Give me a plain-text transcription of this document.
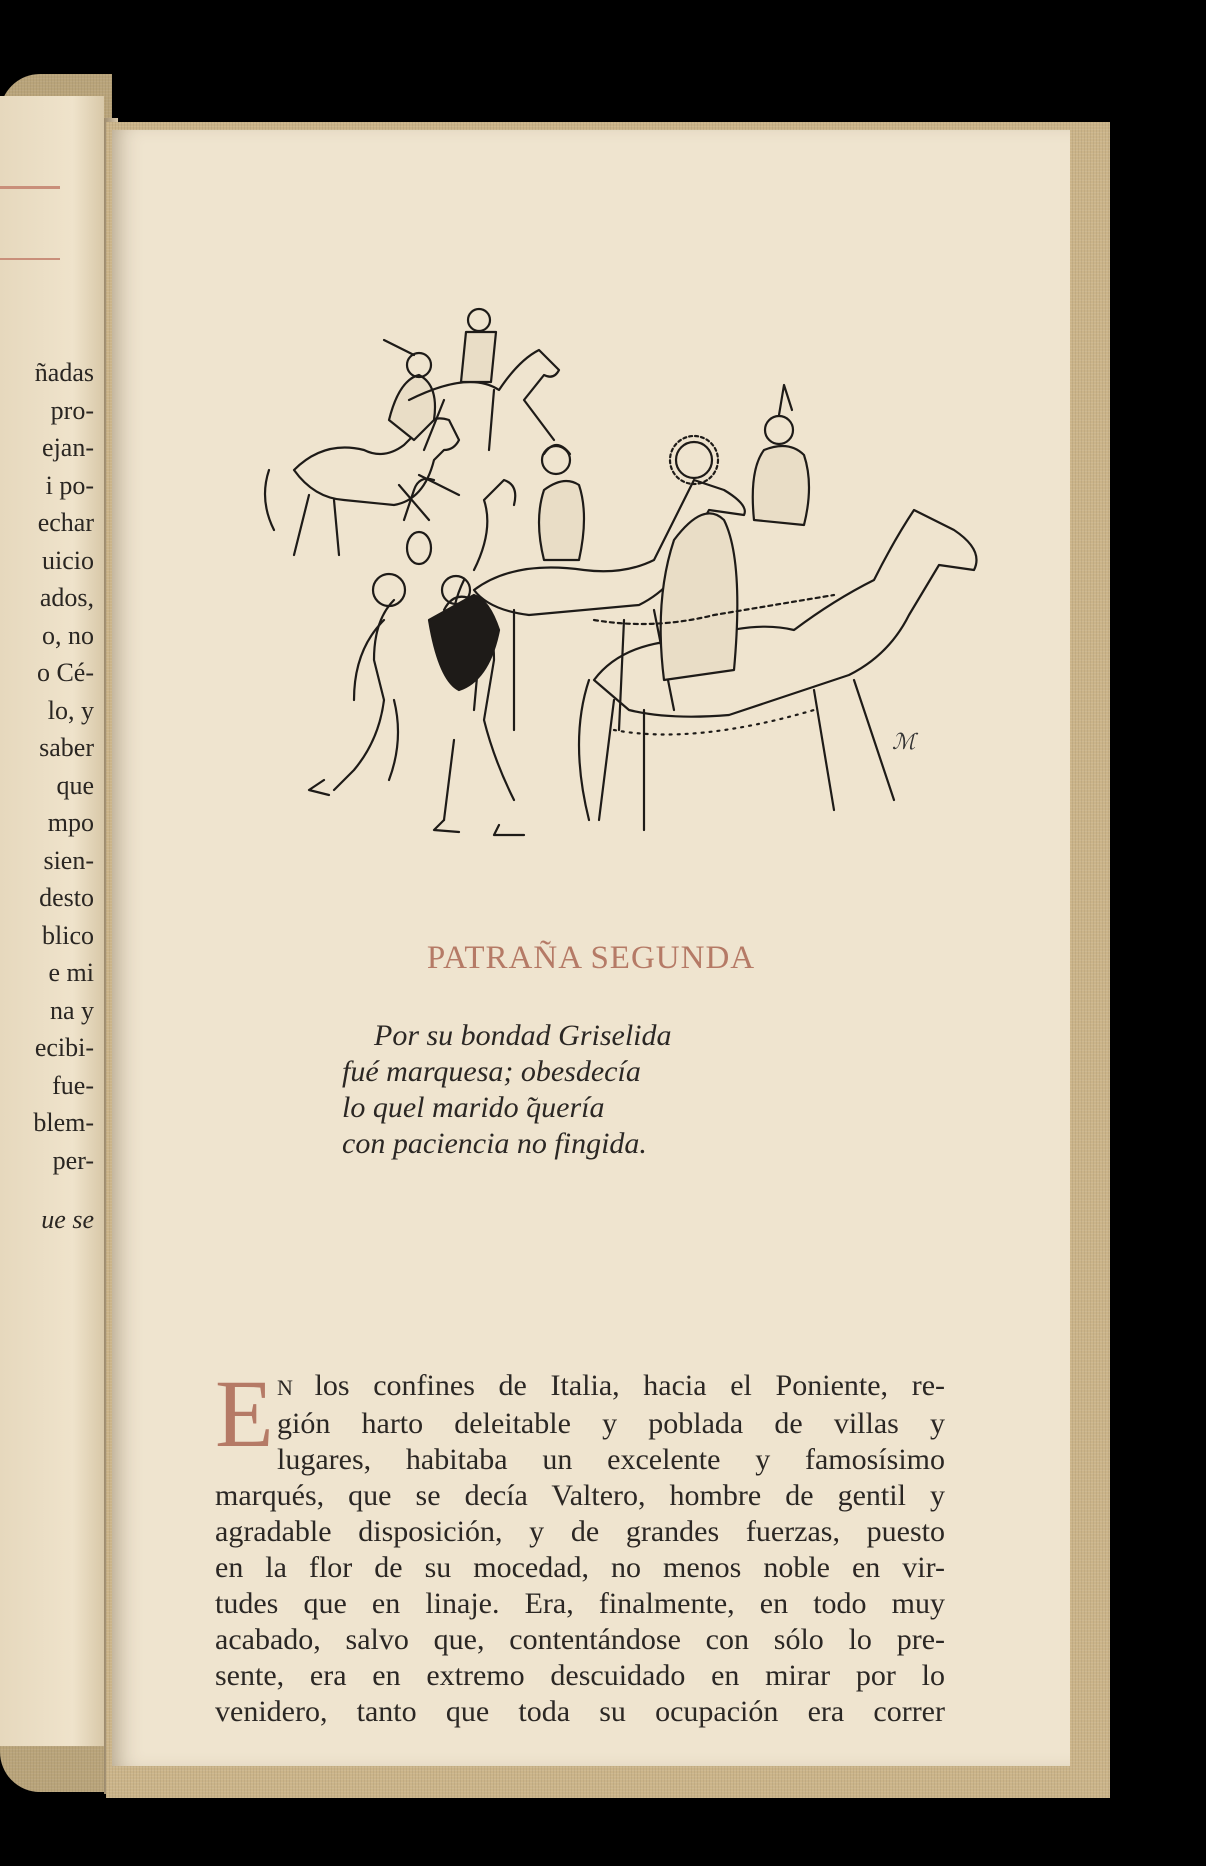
ñadas
pro-
ejan-
i po-
echar
uicio
ados,
o, no
o Cé-
lo, y
saber
que
mpo
sien-
desto
blico
e mi
na y
ecibi-
fue-
blem-
per-
ue se
ℳ
PATRAÑA SEGUNDA
Por su bondad Griselida
fué marquesa; obesdecía
lo quel marido ̃quería
con paciencia no fingida.
E N los confines de Italia, hacia el Poniente, re-
gión harto deleitable y poblada de villas y
lugares, habitaba un excelente y famosísimo
marqués, que se decía Valtero, hombre de gentil y
agradable disposición, y de grandes fuerzas, puesto
en la flor de su mocedad, no menos noble en vir-
tudes que en linaje. Era, finalmente, en todo muy
acabado, salvo que, contentándose con sólo lo pre-
sente, era en extremo descuidado en mirar por lo
venidero, tanto que toda su ocupación era correr
